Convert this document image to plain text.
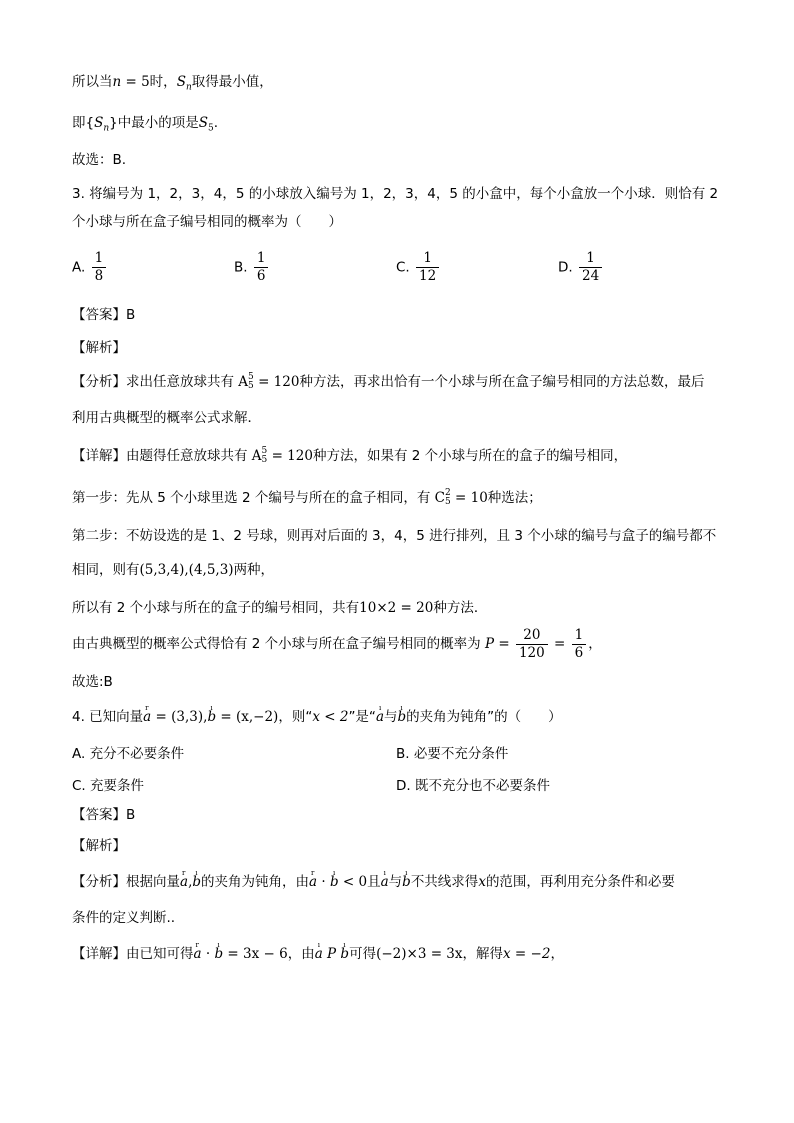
所以当n = 5时，$S_n$取得最小值，
即$\{S_n\}$中最小的项是$S_5$.
故选：B.
3. 将编号为 1，2，3，4，5 的小球放入编号为 1，2，3，4，5 的小盒中，每个小盒放一个小球．则恰有 2
个小球与所在盒子编号相同的概率为（　　）
A. $\frac{1}{8}$	B. $\frac{1}{6}$	C. $\frac{1}{12}$	D. $\frac{1}{24}$
【答案】B
【解析】
【分析】求出任意放球共有 A 5
5 = 120种方法，再求出恰有一个小球与所在盒子编号相同的方法总数，最后
利用古典概型的概率公式求解．
【详解】由题得任意放球共有 A 5
5 = 120种方法，如果有 2 个小球与所在的盒子的编号相同，
第一步：先从 5 个小球里选 2 个编号与所在的盒子相同，有 C 2
5 = 10种选法；
第二步：不妨设选的是 1、2 号球，则再对后面的 3，4，5 进行排列，且 3 个小球的编号与盒子的编号都不
相同，则有(5,3,4),(4,5,3)两种，
所以有 2 个小球与所在的盒子的编号相同，共有10×2 = 20种方法．
由古典概型的概率公式得恰有 2 个小球与所在盒子编号相同的概率为 $P = \frac{20}{120} = \frac{1}{6}$ ，
故选:B
4. 已知向量r a = (3,3),ı b = (x,−2)，则“x < 2”是“ı a与ı b的夹角为钝角”的（　　）
A. 充分不必要条件	B. 必要不充分条件
C. 充要条件	D. 既不充分也不必要条件
【答案】B
【解析】
【分析】根据向量r a,ı b的夹角为钝角，由r a · ı b < 0且ı a与ı b不共线求得x的范围，再利用充分条件和必要
条件的定义判断..
【详解】由已知可得r a · ı b = 3x − 6，由ı a P ı b可得(−2)×3 = 3x，解得x = −2，
